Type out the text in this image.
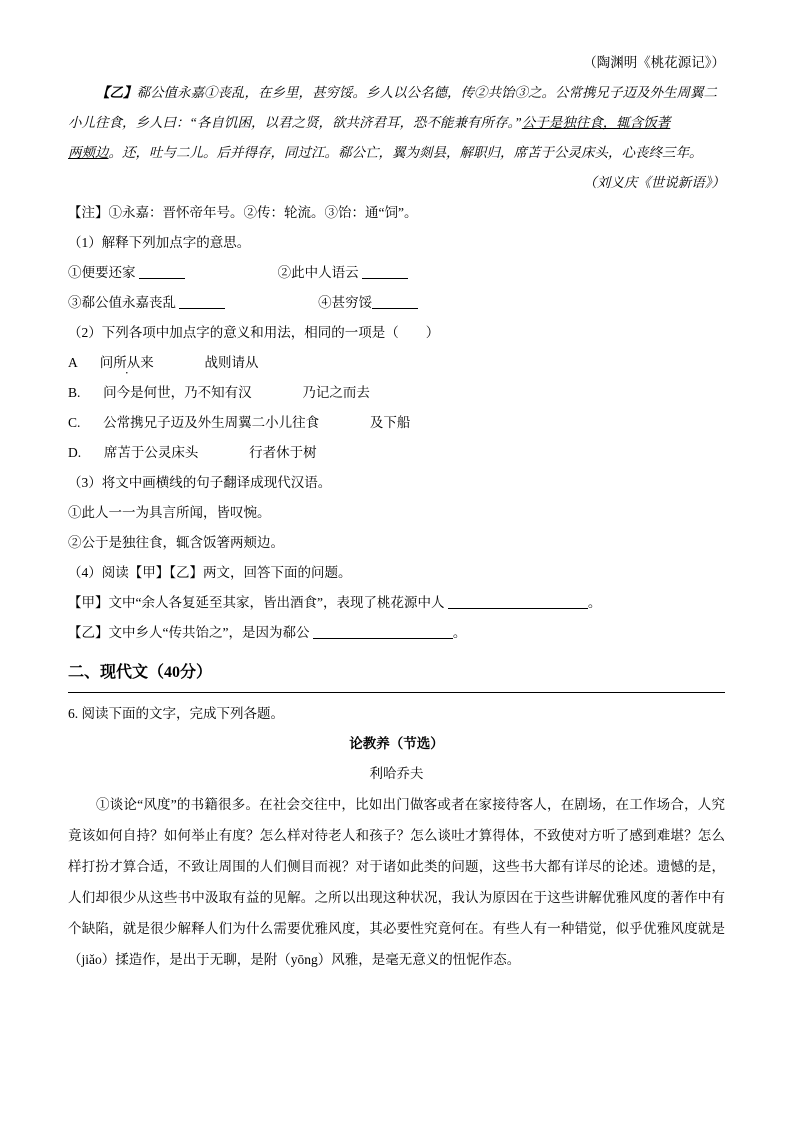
（陶渊明《桃花源记》）
【乙】郗公值永嘉①丧乱，在乡里，甚穷馁。乡人以公名德，传②共饴③之。公常携兄子迈及外生周翼二
小儿往食，乡人曰：“各自饥困，以君之贤，欲共济君耳，恐不能兼有所存。”公于是独往食，辄含饭著
两颊边。还，吐与二儿。后并得存，同过江。郗公亡，翼为剡县，解职归，席苫于公灵床头，心丧终三年。
（刘义庆《世说新语》）
【注】①永嘉：晋怀帝年号。②传：轮流。③饴：通“饲”。
（1）解释下列加点字的意思。
①便要还家	②此中人语云
③郗公值永嘉丧乱	④甚穷馁
（2）下列各项中加点字的意义和用法，相同的一项是（　　）
A 问所从来	战则请从
B. 问今是何世，乃不知有汉	乃记之而去
C. 公常携兄子迈及外生周翼二小儿往食	及下船
D. 席苫于公灵床头	行者休于树
（3）将文中画横线的句子翻译成现代汉语。
①此人一一为具言所闻，皆叹惋。
②公于是独往食，辄含饭箸两颊边。
（4）阅读【甲】【乙】两文，回答下面的问题。
【甲】文中“余人各复延至其家，皆出酒食”，表现了桃花源中人	。
【乙】文中乡人“传共饴之”，是因为郗公	。
二、现代文（40分）
6. 阅读下面的文字，完成下列各题。
论教养（节选）
利哈乔夫
①谈论“风度”的书籍很多。在社会交往中，比如出门做客或者在家接待客人，在剧场，在工作场合，人究竟该如何自持？如何举止有度？怎么样对待老人和孩子？怎么谈吐才算得体，不致使对方听了感到难堪？怎么样打扮才算合适，不致让周围的人们侧目而视？对于诸如此类的问题，这些书大都有详尽的论述。遗憾的是，人们却很少从这些书中汲取有益的见解。之所以出现这种状况，我认为原因在于这些讲解优雅风度的著作中有个缺陷，就是很少解释人们为什么需要优雅风度，其必要性究竟何在。有些人有一种错觉，似乎优雅风度就是（jiǎo）揉造作，是出于无聊，是附（yōng）风雅，是毫无意义的忸怩作态。
